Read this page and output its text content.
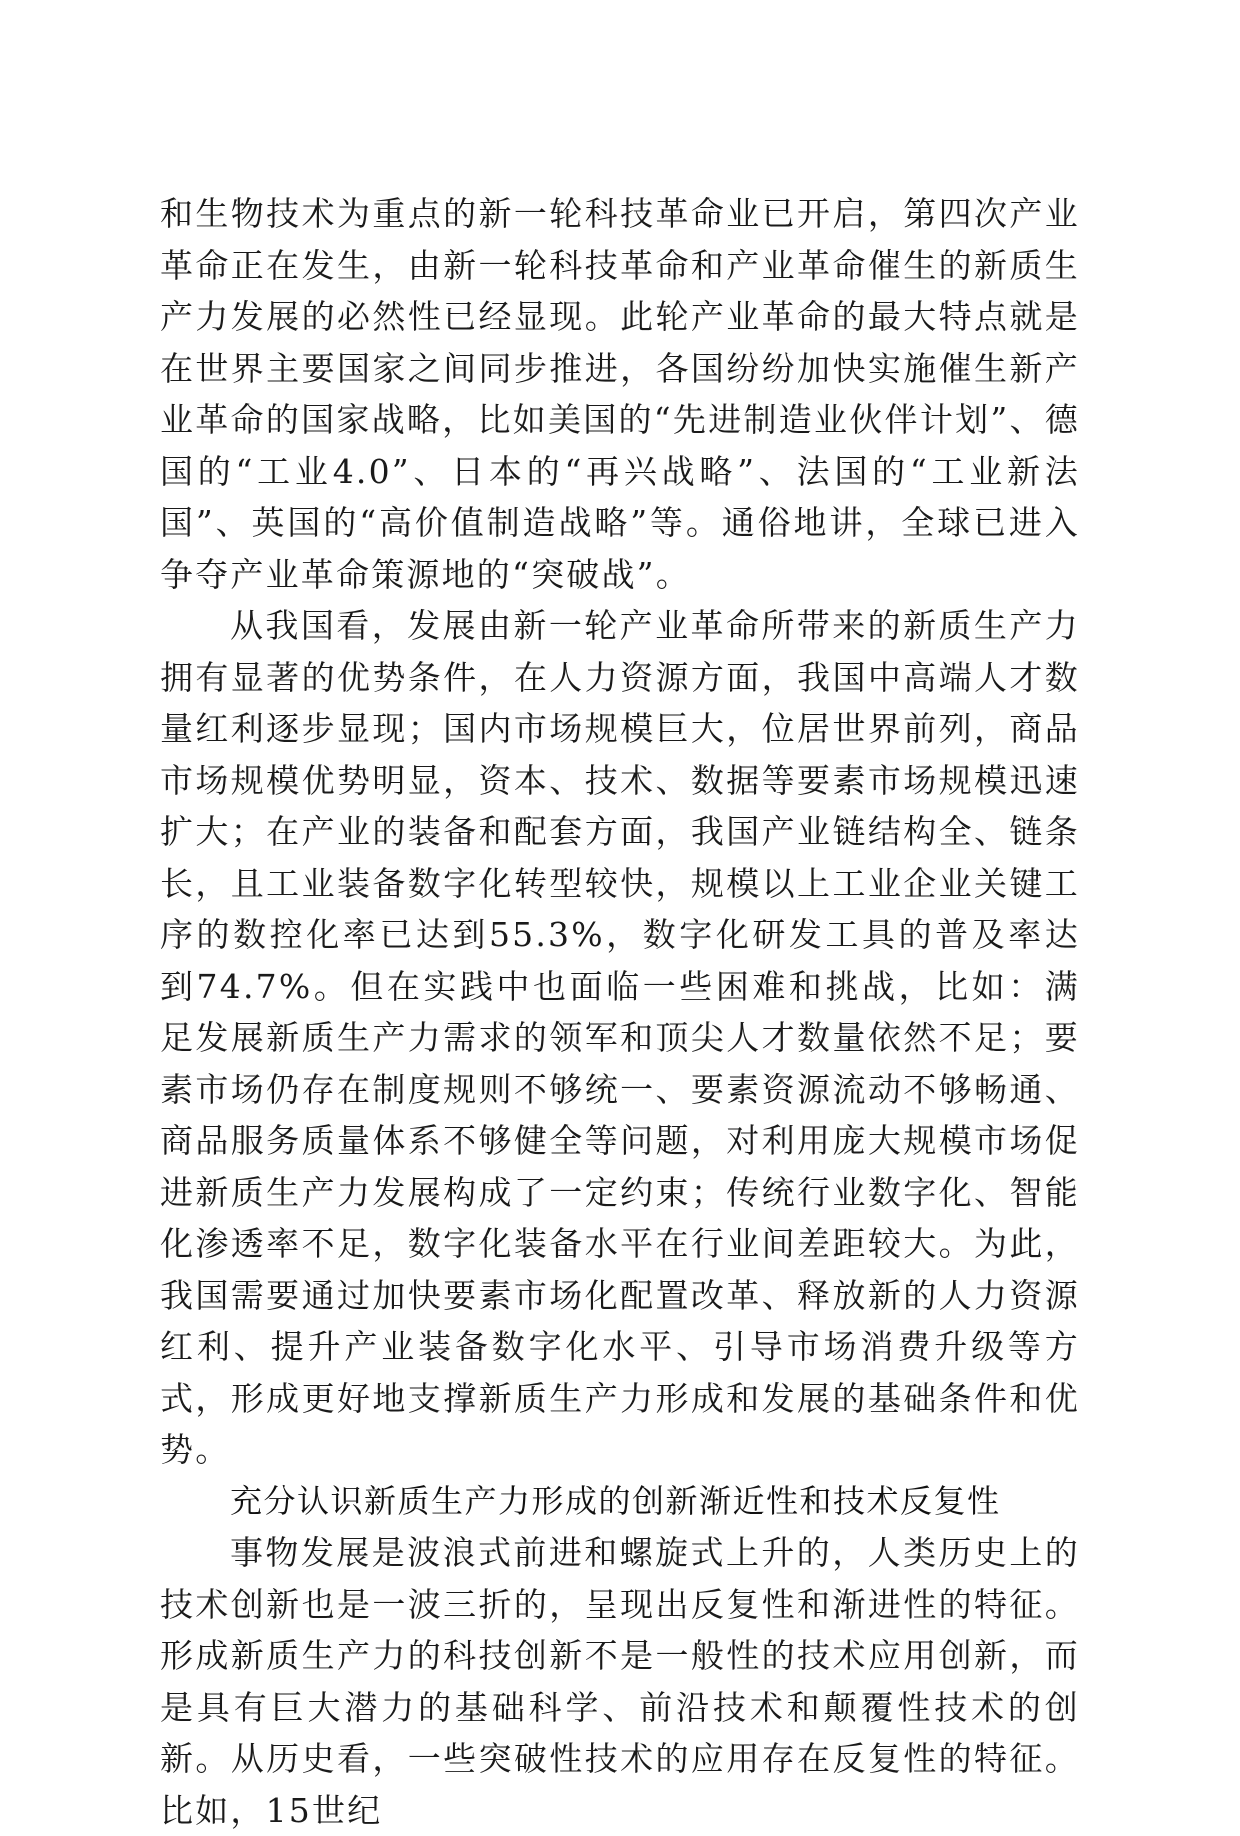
和生物技术为重点的新一轮科技革命业已开启，第四次产业革命正在发生，由新一轮科技革命和产业革命催生的新质生产力发展的必然性已经显现。此轮产业革命的最大特点就是在世界主要国家之间同步推进，各国纷纷加快实施催生新产业革命的国家战略，比如美国的“先进制造业伙伴计划”、德国的“工业4.0”、日本的“再兴战略”、法国的“工业新法国”、英国的“高价值制造战略”等。通俗地讲，全球已进入争夺产业革命策源地的“突破战”。

从我国看，发展由新一轮产业革命所带来的新质生产力拥有显著的优势条件，在人力资源方面，我国中高端人才数量红利逐步显现；国内市场规模巨大，位居世界前列，商品市场规模优势明显，资本、技术、数据等要素市场规模迅速扩大；在产业的装备和配套方面，我国产业链结构全、链条长，且工业装备数字化转型较快，规模以上工业企业关键工序的数控化率已达到55.3%，数字化研发工具的普及率达到74.7%。但在实践中也面临一些困难和挑战，比如：满足发展新质生产力需求的领军和顶尖人才数量依然不足；要素市场仍存在制度规则不够统一、要素资源流动不够畅通、商品服务质量体系不够健全等问题，对利用庞大规模市场促进新质生产力发展构成了一定约束；传统行业数字化、智能化渗透率不足，数字化装备水平在行业间差距较大。为此，我国需要通过加快要素市场化配置改革、释放新的人力资源红利、提升产业装备数字化水平、引导市场消费升级等方式，形成更好地支撑新质生产力形成和发展的基础条件和优势。

充分认识新质生产力形成的创新渐近性和技术反复性

事物发展是波浪式前进和螺旋式上升的，人类历史上的技术创新也是一波三折的，呈现出反复性和渐进性的特征。形成新质生产力的科技创新不是一般性的技术应用创新，而是具有巨大潜力的基础科学、前沿技术和颠覆性技术的创新。从历史看，一些突破性技术的应用存在反复性的特征。比如，15世纪
